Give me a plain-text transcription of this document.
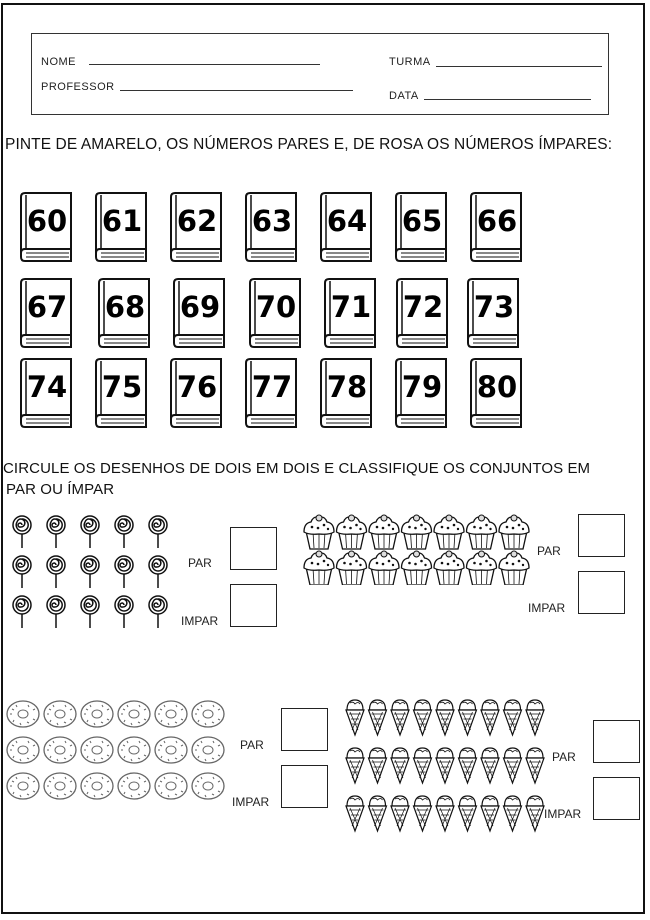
NOME
PROFESSOR
TURMA
DATA
PINTE DE AMARELO, OS NÚMEROS PARES E, DE ROSA OS NÚMEROS ÍMPARES:
60 61 62 63 64 65 66
67 68 69 70 71 72 73
74 75 76 77 78 79 80
CIRCULE OS DESENHOS DE DOIS EM DOIS E CLASSIFIQUE OS CONJUNTOS EM
PAR OU ÍMPAR
PAR
IMPAR
PAR
IMPAR
PAR
IMPAR
PAR
IMPAR
